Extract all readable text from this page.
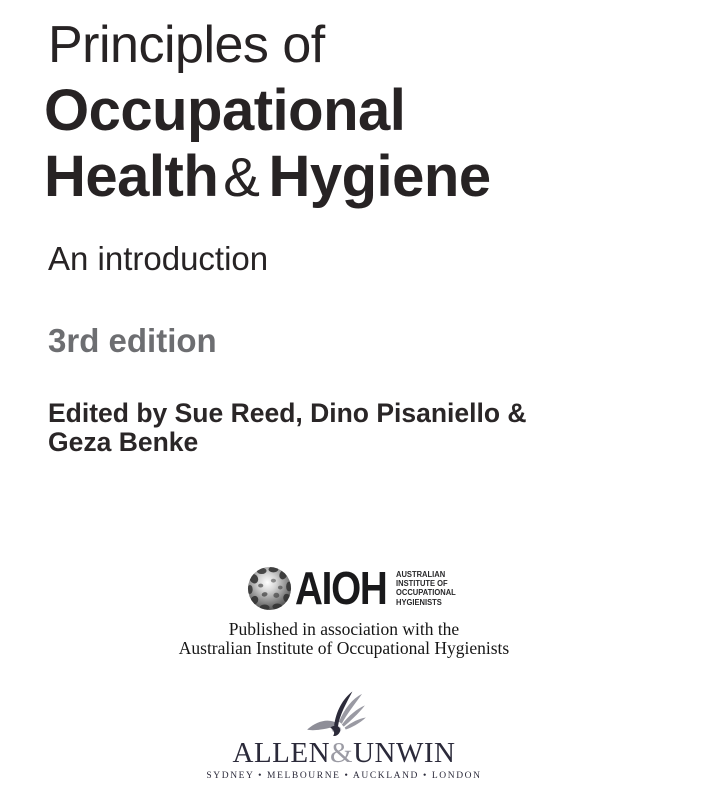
Principles of
Occupational
Health& Hygiene
An introduction
3rd edition
Edited by Sue Reed, Dino Pisaniello &
Geza Benke
AIOH AUSTRALIAN
INSTITUTE OF
OCCUPATIONAL
HYGIENISTS
Published in association with the
Australian Institute of Occupational Hygienists
ALLEN&UNWIN
SYDNEY • MELBOURNE • AUCKLAND • LONDON
